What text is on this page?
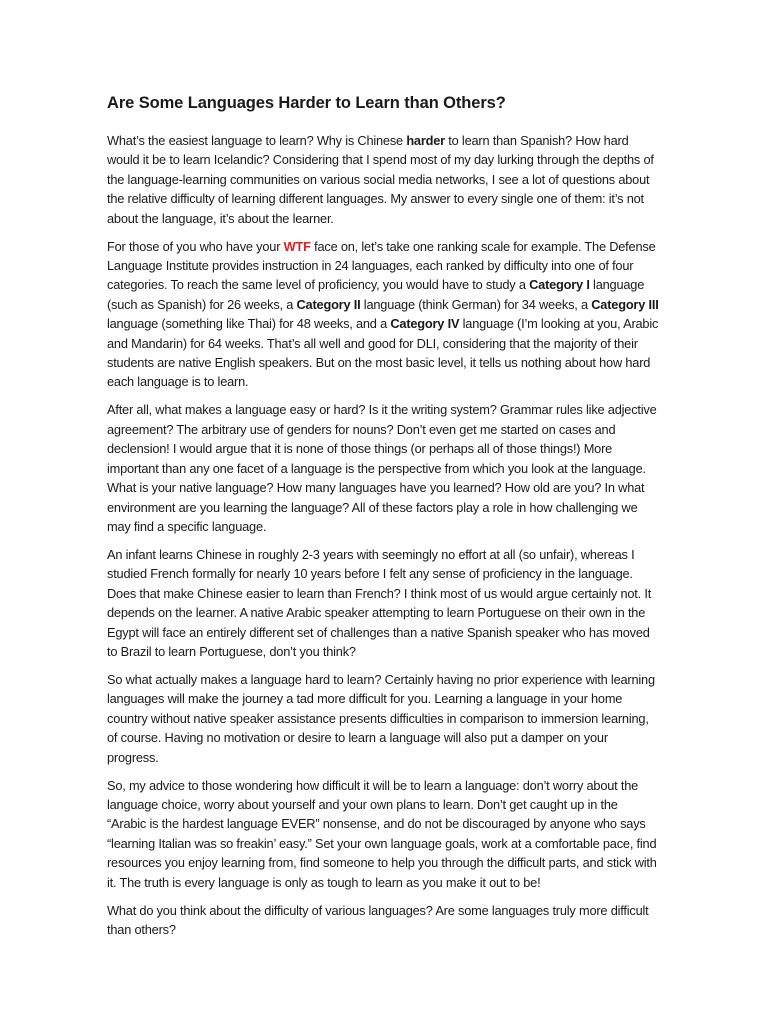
Are Some Languages Harder to Learn than Others?

What’s the easiest language to learn? Why is Chinese harder to learn than Spanish? How hard would it be to learn Icelandic? Considering that I spend most of my day lurking through the depths of the language-learning communities on various social media networks, I see a lot of questions about the relative difficulty of learning different languages. My answer to every single one of them: it’s not about the language, it’s about the learner.

For those of you who have your WTF face on, let’s take one ranking scale for example. The Defense Language Institute provides instruction in 24 languages, each ranked by difficulty into one of four categories. To reach the same level of proficiency, you would have to study a Category I language (such as Spanish) for 26 weeks, a Category II language (think German) for 34 weeks, a Category III language (something like Thai) for 48 weeks, and a Category IV language (I’m looking at you, Arabic and Mandarin) for 64 weeks. That’s all well and good for DLI, considering that the majority of their students are native English speakers. But on the most basic level, it tells us nothing about how hard each language is to learn.

After all, what makes a language easy or hard? Is it the writing system? Grammar rules like adjective agreement? The arbitrary use of genders for nouns? Don’t even get me started on cases and declension! I would argue that it is none of those things (or perhaps all of those things!) More important than any one facet of a language is the perspective from which you look at the language. What is your native language? How many languages have you learned? How old are you? In what environment are you learning the language? All of these factors play a role in how challenging we may find a specific language.

An infant learns Chinese in roughly 2-3 years with seemingly no effort at all (so unfair), whereas I studied French formally for nearly 10 years before I felt any sense of proficiency in the language. Does that make Chinese easier to learn than French? I think most of us would argue certainly not. It depends on the learner. A native Arabic speaker attempting to learn Portuguese on their own in the Egypt will face an entirely different set of challenges than a native Spanish speaker who has moved to Brazil to learn Portuguese, don’t you think?

So what actually makes a language hard to learn? Certainly having no prior experience with learning languages will make the journey a tad more difficult for you. Learning a language in your home country without native speaker assistance presents difficulties in comparison to immersion learning, of course. Having no motivation or desire to learn a language will also put a damper on your progress.

So, my advice to those wondering how difficult it will be to learn a language: don’t worry about the language choice, worry about yourself and your own plans to learn. Don’t get caught up in the “Arabic is the hardest language EVER” nonsense, and do not be discouraged by anyone who says “learning Italian was so freakin’ easy.” Set your own language goals, work at a comfortable pace, find resources you enjoy learning from, find someone to help you through the difficult parts, and stick with it. The truth is every language is only as tough to learn as you make it out to be!

What do you think about the difficulty of various languages? Are some languages truly more difficult than others?
